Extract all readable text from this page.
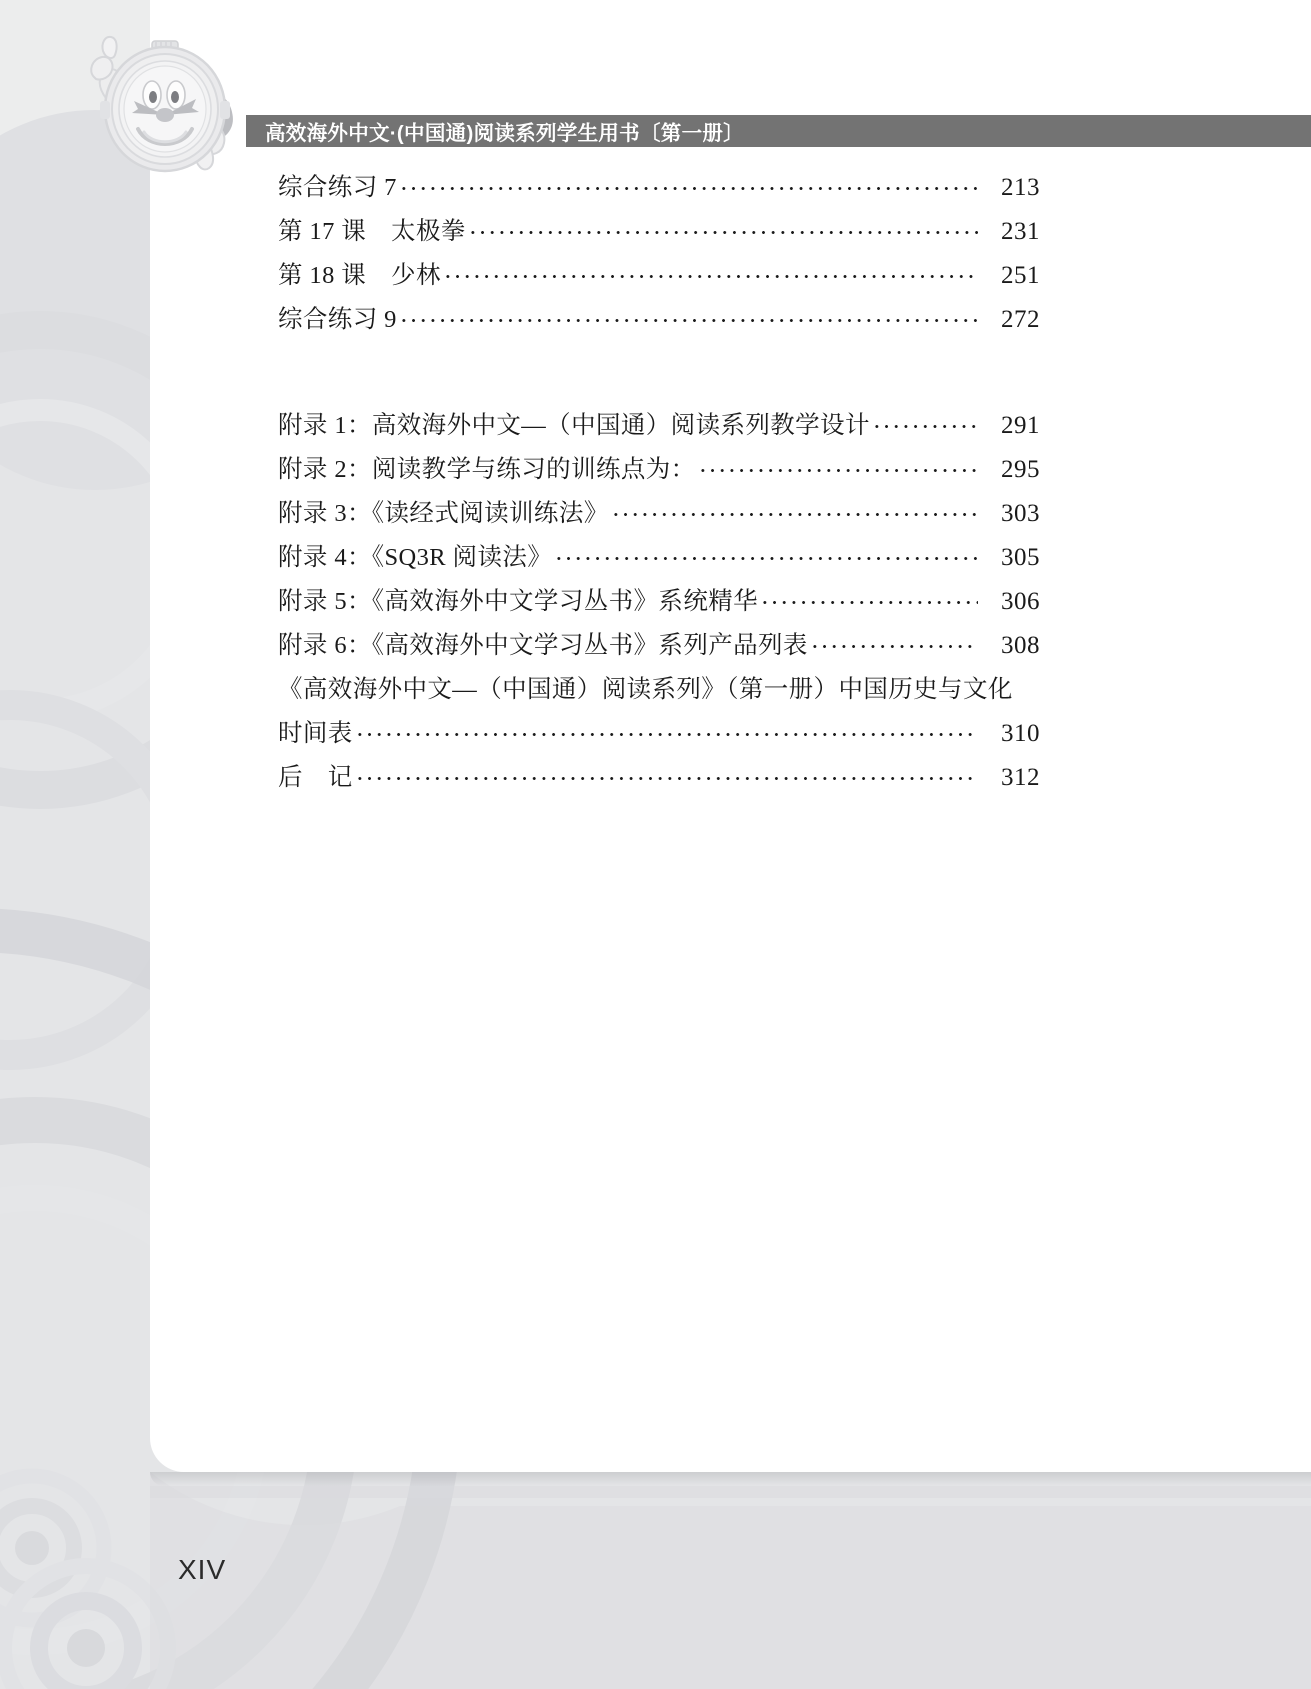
高效海外中文·(中国通)阅读系列学生用书〔第一册〕
综合练习 7	213
第 17 课　太极拳	231
第 18 课　少林	251
综合练习 9	272
附录 1：高效海外中文—（中国通）阅读系列教学设计	291
附录 2：阅读教学与练习的训练点为：	295
附录 3：《读经式阅读训练法》	303
附录 4：《SQ3R 阅读法》	305
附录 5：《高效海外中文学习丛书》系统精华	306
附录 6：《高效海外中文学习丛书》系列产品列表	308
《高效海外中文—（中国通）阅读系列》（第一册）中国历史与文化
时间表	310
后　记	312
XIV
